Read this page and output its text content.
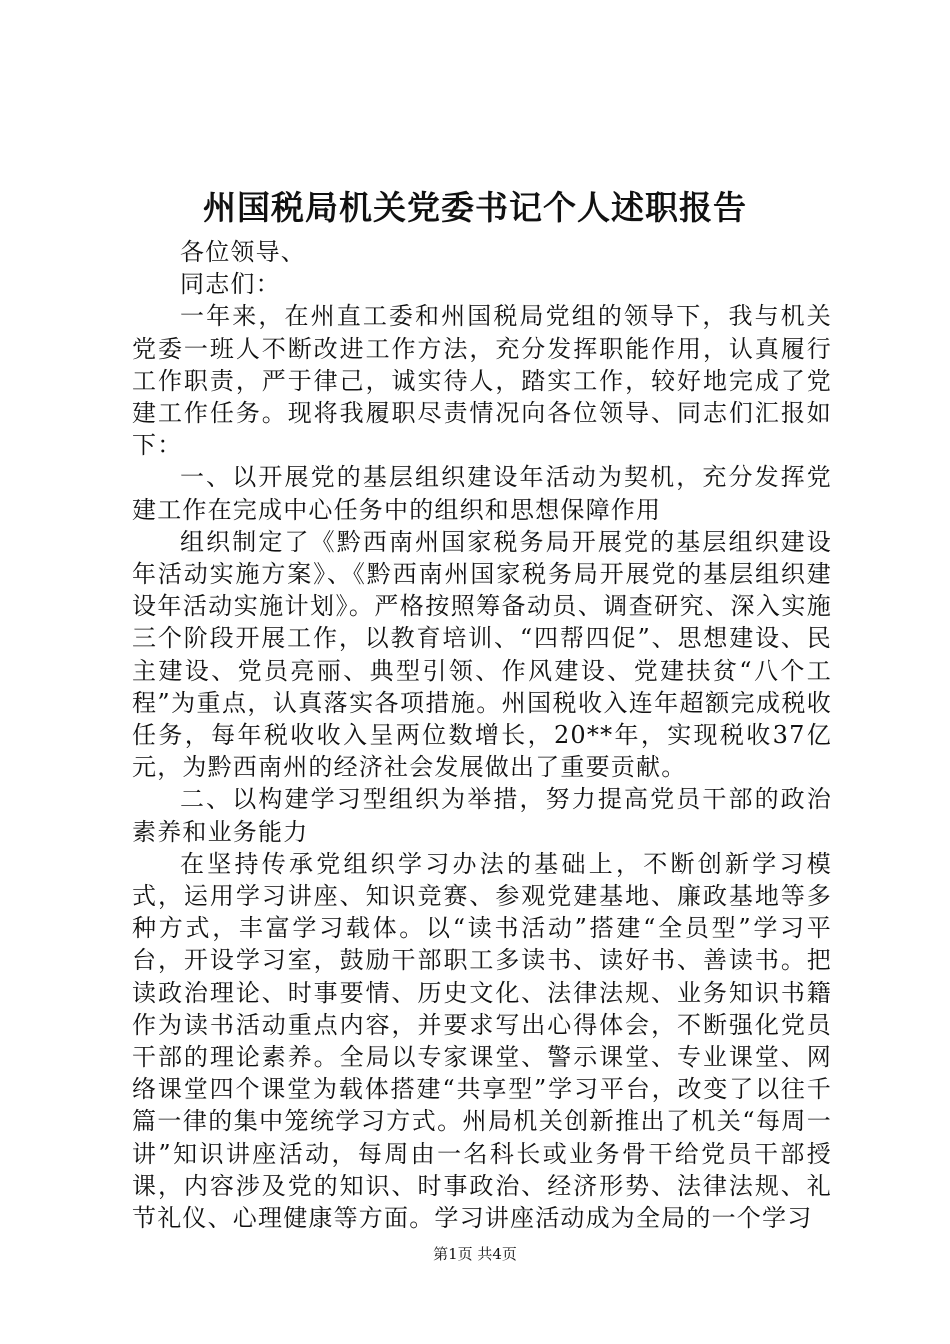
州国税局机关党委书记个人述职报告

各位领导、

同志们：

一年来，在州直工委和州国税局党组的领导下，我与机关党委一班人不断改进工作方法，充分发挥职能作用，认真履行工作职责，严于律己，诚实待人，踏实工作，较好地完成了党建工作任务。现将我履职尽责情况向各位领导、同志们汇报如下：

一、以开展党的基层组织建设年活动为契机，充分发挥党建工作在完成中心任务中的组织和思想保障作用

组织制定了《黔西南州国家税务局开展党的基层组织建设年活动实施方案》、《黔西南州国家税务局开展党的基层组织建设年活动实施计划》。严格按照筹备动员、调查研究、深入实施三个阶段开展工作，以教育培训、“四帮四促”、思想建设、民主建设、党员亮丽、典型引领、作风建设、党建扶贫“八个工程”为重点，认真落实各项措施。州国税收入连年超额完成税收任务，每年税收收入呈两位数增长，20**年，实现税收37亿元，为黔西南州的经济社会发展做出了重要贡献。

二、以构建学习型组织为举措，努力提高党员干部的政治素养和业务能力

在坚持传承党组织学习办法的基础上，不断创新学习模式，运用学习讲座、知识竞赛、参观党建基地、廉政基地等多种方式，丰富学习载体。以“读书活动”搭建“全员型”学习平台，开设学习室，鼓励干部职工多读书、读好书、善读书。把读政治理论、时事要情、历史文化、法律法规、业务知识书籍作为读书活动重点内容，并要求写出心得体会，不断强化党员干部的理论素养。全局以专家课堂、警示课堂、专业课堂、网络课堂四个课堂为载体搭建“共享型”学习平台，改变了以往千篇一律的集中笼统学习方式。州局机关创新推出了机关“每周一讲”知识讲座活动，每周由一名科长或业务骨干给党员干部授课，内容涉及党的知识、时事政治、经济形势、法律法规、礼节礼仪、心理健康等方面。学习讲座活动成为全局的一个学习

第1页 共4页
